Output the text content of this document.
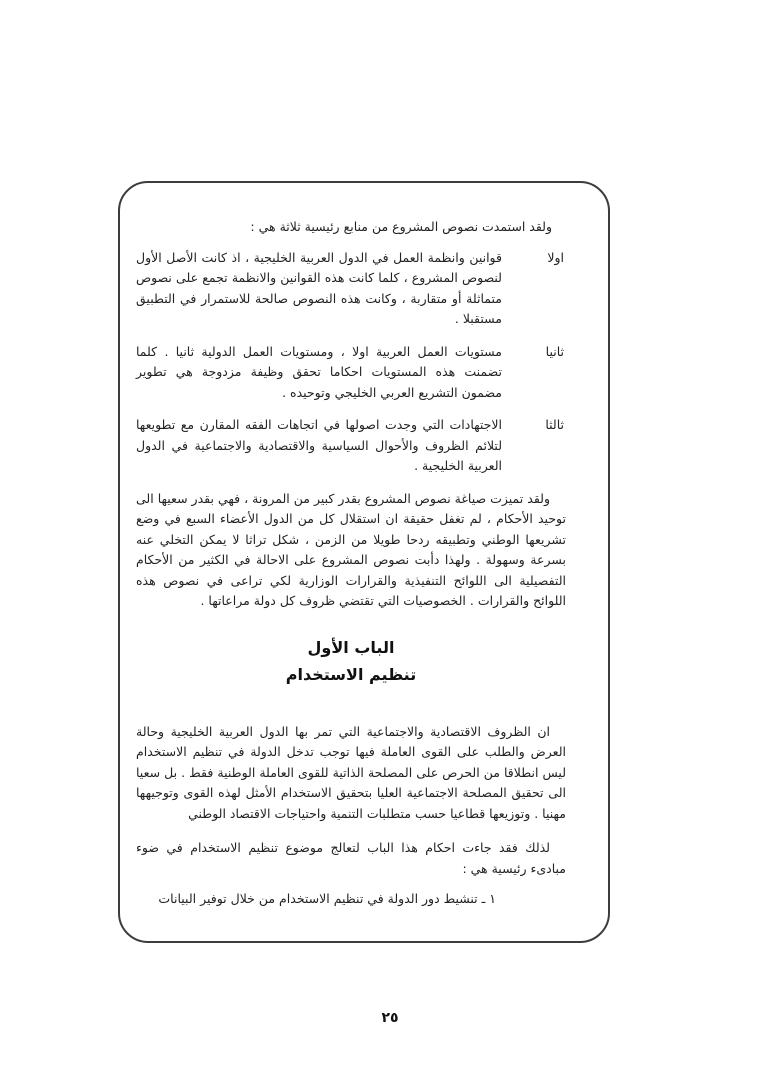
ولقد استمدت نصوص المشروع من منابع رئيسية ثلاثة هي :

اولا

قوانين وانظمة العمل في الدول العربية الخليجية ، اذ كانت الأصل الأول لنصوص المشروع ، كلما كانت هذه القوانين والانظمة تجمع على نصوص متماثلة أو متقاربة ، وكانت هذه النصوص صالحة للاستمرار في التطبيق مستقبلا .

ثانيا

مستويات العمل العربية اولا ، ومستويات العمل الدولية ثانيا . كلما تضمنت هذه المستويات احكاما تحقق وظيفة مزدوجة هي تطوير مضمون التشريع العربي الخليجي وتوحيده .

ثالثا

الاجتهادات التي وجدت اصولها في اتجاهات الفقه المقارن مع تطويعها لتلائم الظروف والأحوال السياسية والاقتصادية والاجتماعية في الدول العربية الخليجية .

ولقد تميزت صياغة نصوص المشروع بقدر كبير من المرونة ، فهي بقدر سعيها الى توحيد الأحكام ، لم تغفل حقيقة ان استقلال كل من الدول الأعضاء السبع في وضع تشريعها الوطني وتطبيقه ردحا طويلا من الزمن ، شكل تراثا لا يمكن التخلي عنه بسرعة وسهولة . ولهذا دأبت نصوص المشروع على الاحالة في الكثير من الأحكام التفصيلية الى اللوائح التنفيذية والقرارات الوزارية لكي تراعى في نصوص هذه اللوائح والقرارات . الخصوصيات التي تقتضي ظروف كل دولة مراعاتها .

الباب الأول
تنظيم الاستخدام

ان الظروف الاقتصادية والاجتماعية التي تمر بها الدول العربية الخليجية وحالة العرض والطلب على القوى العاملة فيها توجب تدخل الدولة في تنظيم الاستخدام ليس انطلاقا من الحرص على المصلحة الذاتية للقوى العاملة الوطنية فقط . بل سعيا الى تحقيق المصلحة الاجتماعية العليا بتحقيق الاستخدام الأمثل لهذه القوى وتوجيهها مهنيا . وتوزيعها قطاعيا حسب متطلبات التنمية واحتياجات الاقتصاد الوطني

لذلك فقد جاءت احكام هذا الباب لتعالج موضوع تنظيم الاستخدام في ضوء مبادىء رئيسية هي :

١ ـ تنشيط دور الدولة في تنظيم الاستخدام من خلال توفير البيانات
٢٥
